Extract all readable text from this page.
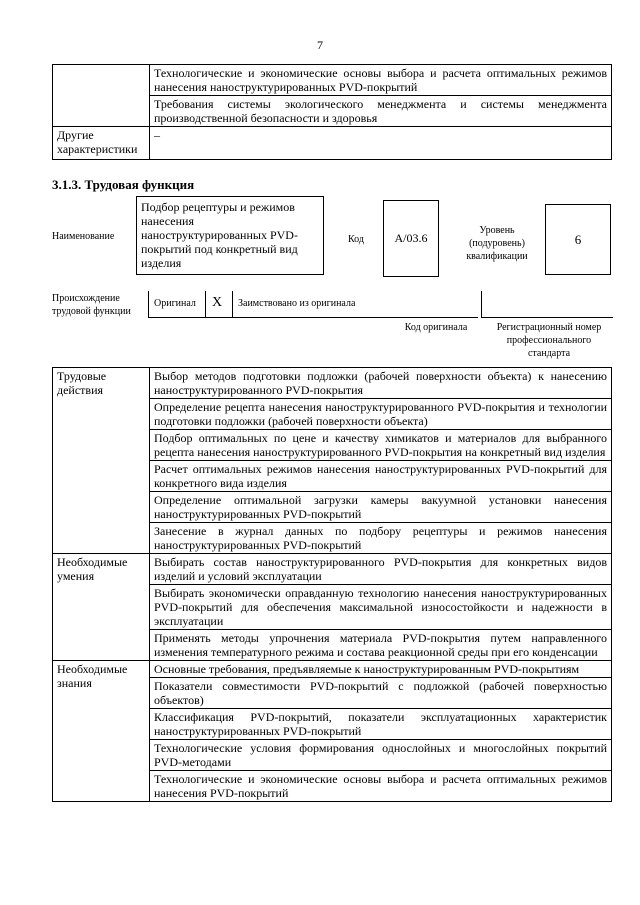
7
	Технологические и экономические основы выбора и расчета оптимальных режимов нанесения наноструктурированных PVD-покрытий
	Требования системы экологического менеджмента и системы менеджмента производственной безопасности и здоровья
Другие характеристики	–
3.1.3. Трудовая функция
Наименование
Подбор рецептуры и режимов нанесения наноструктурированных PVD-покрытий под конкретный вид изделия
Код	А/03.6
Уровень (подуровень) квалификации
6
Происхождение трудовой функции
Оригинал X Заимствовано из оригинала
Код оригинала	Регистрационный номер профессионального стандарта
Трудовые действия	Выбор методов подготовки подложки (рабочей поверхности объекта) к нанесению наноструктурированного PVD-покрытия
	Определение рецепта нанесения наноструктурированного PVD-покрытия и технологии подготовки подложки (рабочей поверхности объекта)
	Подбор оптимальных по цене и качеству химикатов и материалов для выбранного рецепта нанесения наноструктурированного PVD-покрытия на конкретный вид изделия
	Расчет оптимальных режимов нанесения наноструктурированных PVD-покрытий для конкретного вида изделия
	Определение оптимальной загрузки камеры вакуумной установки нанесения наноструктурированных PVD-покрытий
	Занесение в журнал данных по подбору рецептуры и режимов нанесения наноструктурированных PVD-покрытий
Необходимые умения	Выбирать состав наноструктурированного PVD-покрытия для конкретных видов изделий и условий эксплуатации
	Выбирать экономически оправданную технологию нанесения наноструктурированных PVD-покрытий для обеспечения максимальной износостойкости и надежности в эксплуатации
	Применять методы упрочнения материала PVD-покрытия путем направленного изменения температурного режима и состава реакционной среды при его конденсации
Необходимые знания	Основные требования, предъявляемые к наноструктурированным PVD-покрытиям
	Показатели совместимости PVD-покрытий с подложкой (рабочей поверхностью объектов)
	Классификация PVD-покрытий, показатели эксплуатационных характеристик наноструктурированных PVD-покрытий
	Технологические условия формирования однослойных и многослойных покрытий PVD-методами
	Технологические и экономические основы выбора и расчета оптимальных режимов нанесения PVD-покрытий
